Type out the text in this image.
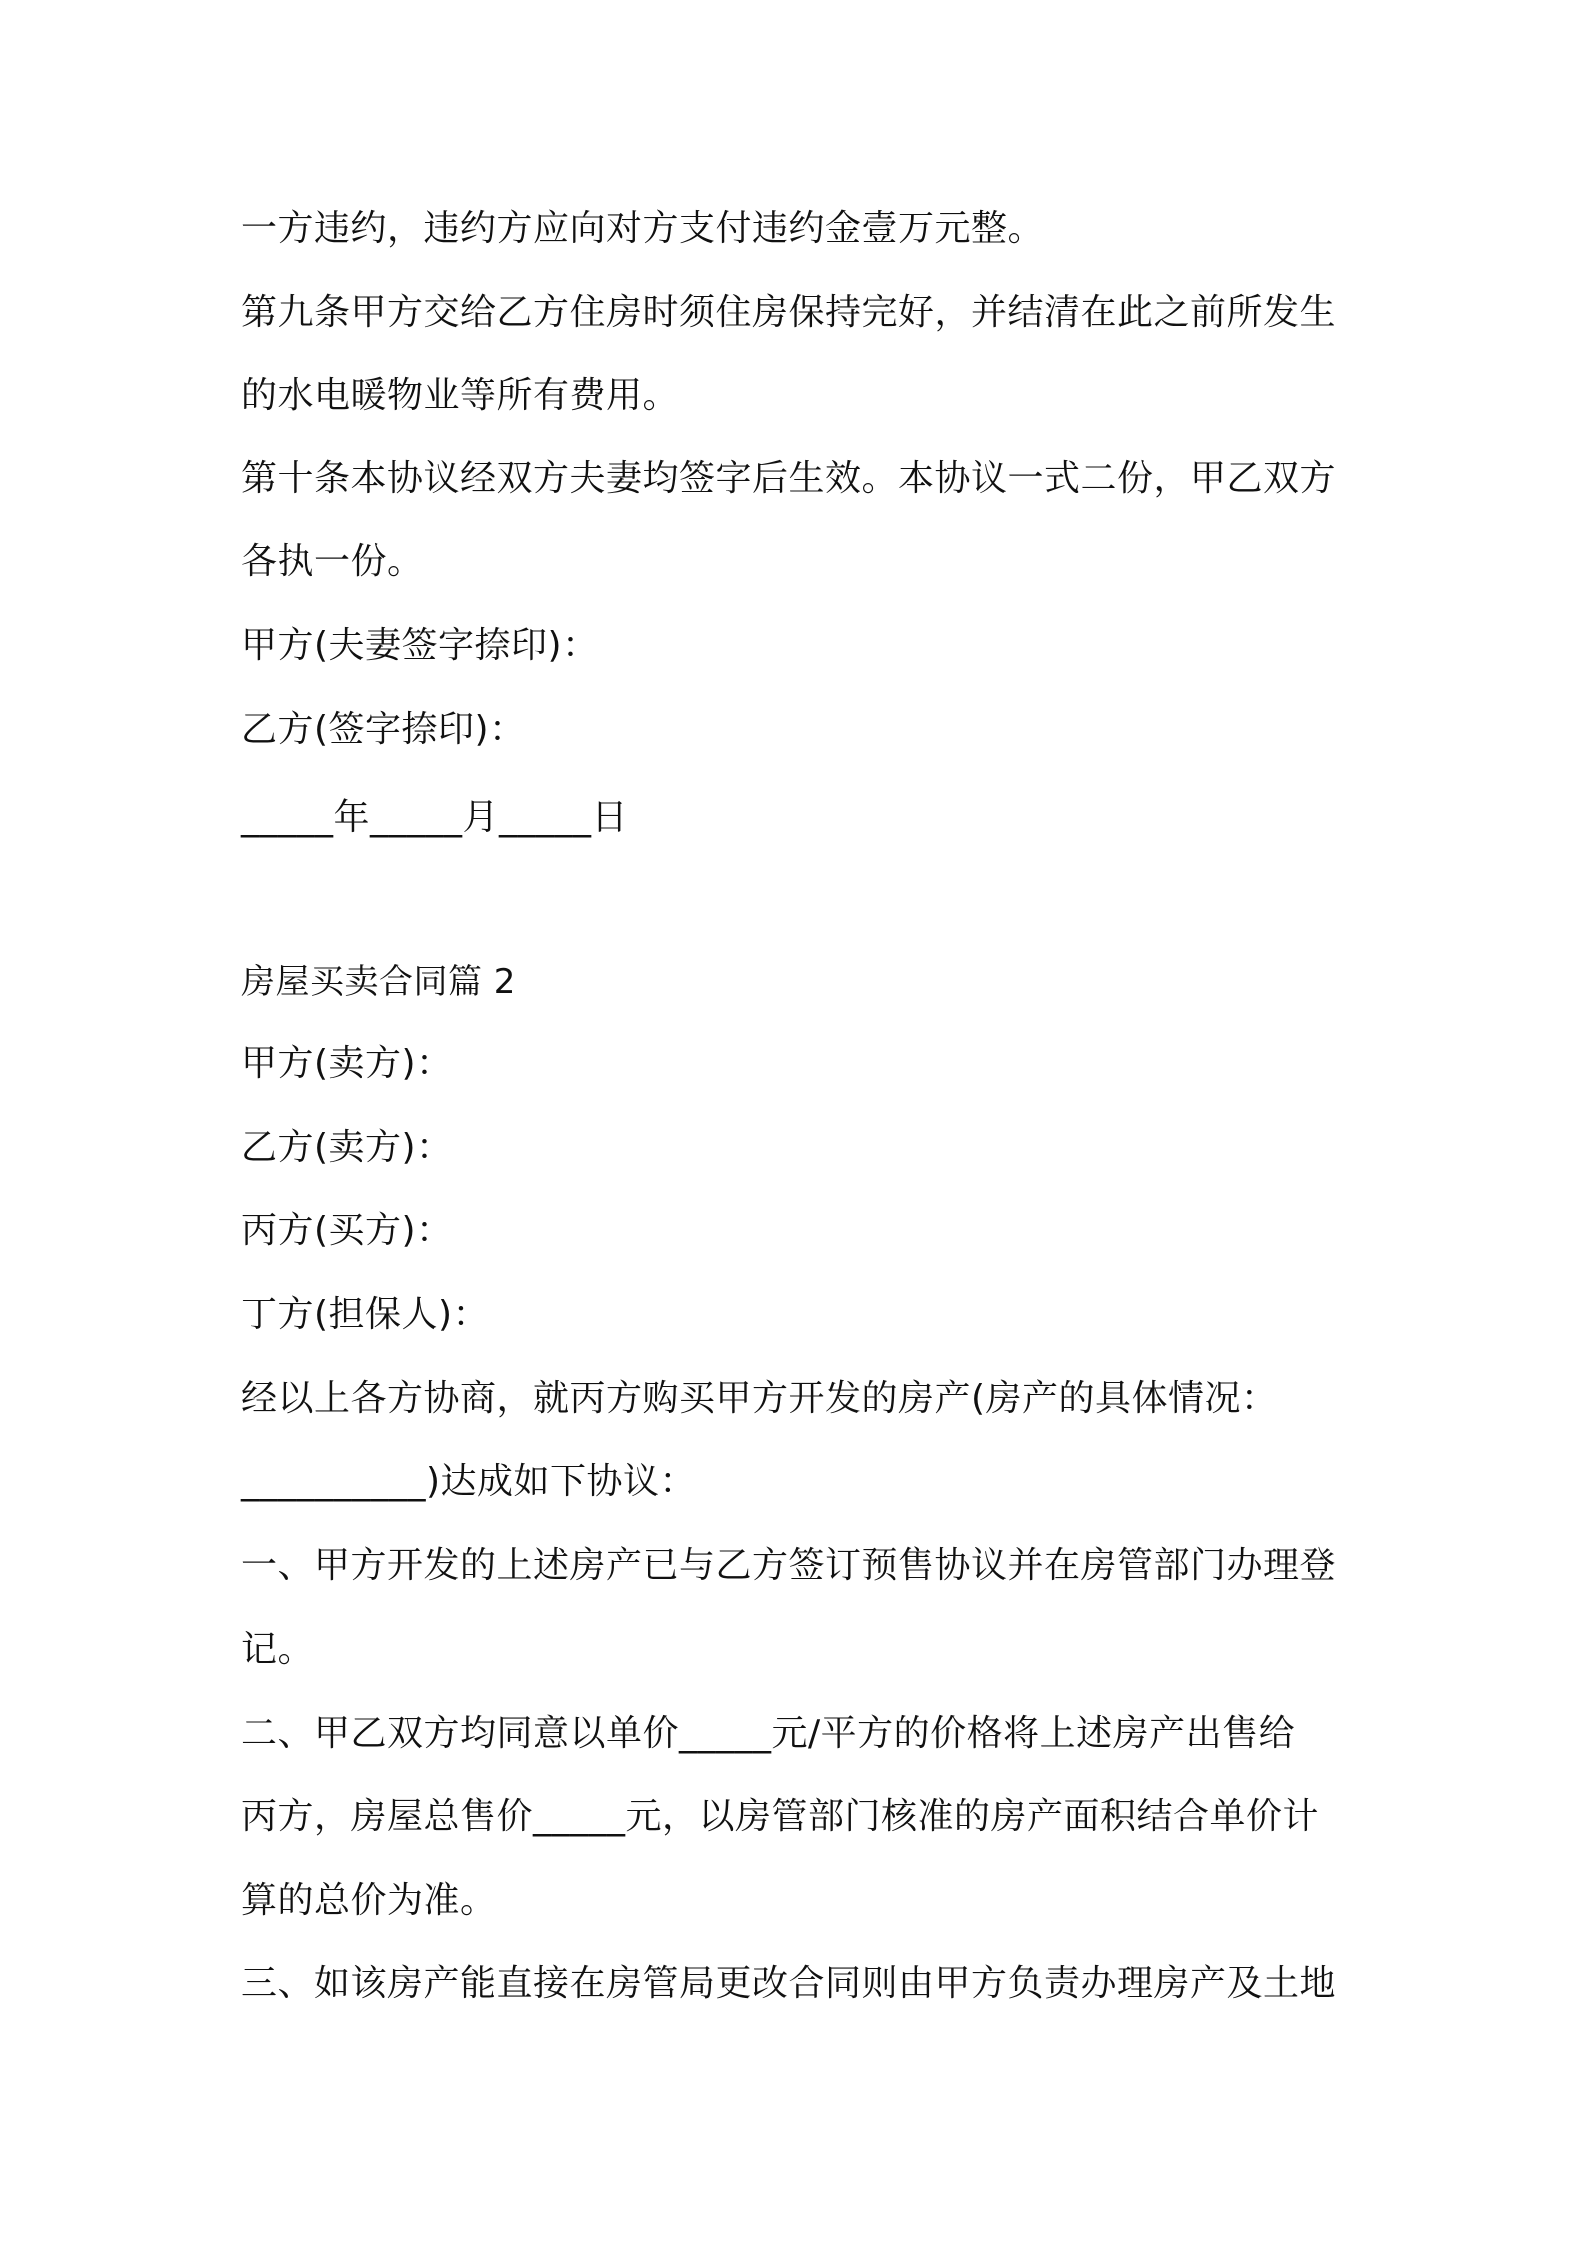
一方违约，违约方应向对方支付违约金壹万元整。
第九条甲方交给乙方住房时须住房保持完好，并结清在此之前所发生
的水电暖物业等所有费用。
第十条本协议经双方夫妻均签字后生效。本协议一式二份，甲乙双方
各执一份。
甲方(夫妻签字捺印)：
乙方(签字捺印)：
_____年_____月_____日
房屋买卖合同篇 2
甲方(卖方)：
乙方(卖方)：
丙方(买方)：
丁方(担保人)：
经以上各方协商，就丙方购买甲方开发的房产(房产的具体情况：
__________)达成如下协议：
一、甲方开发的上述房产已与乙方签订预售协议并在房管部门办理登
记。
二、甲乙双方均同意以单价_____元/平方的价格将上述房产出售给
丙方，房屋总售价_____元，以房管部门核准的房产面积结合单价计
算的总价为准。
三、如该房产能直接在房管局更改合同则由甲方负责办理房产及土地
